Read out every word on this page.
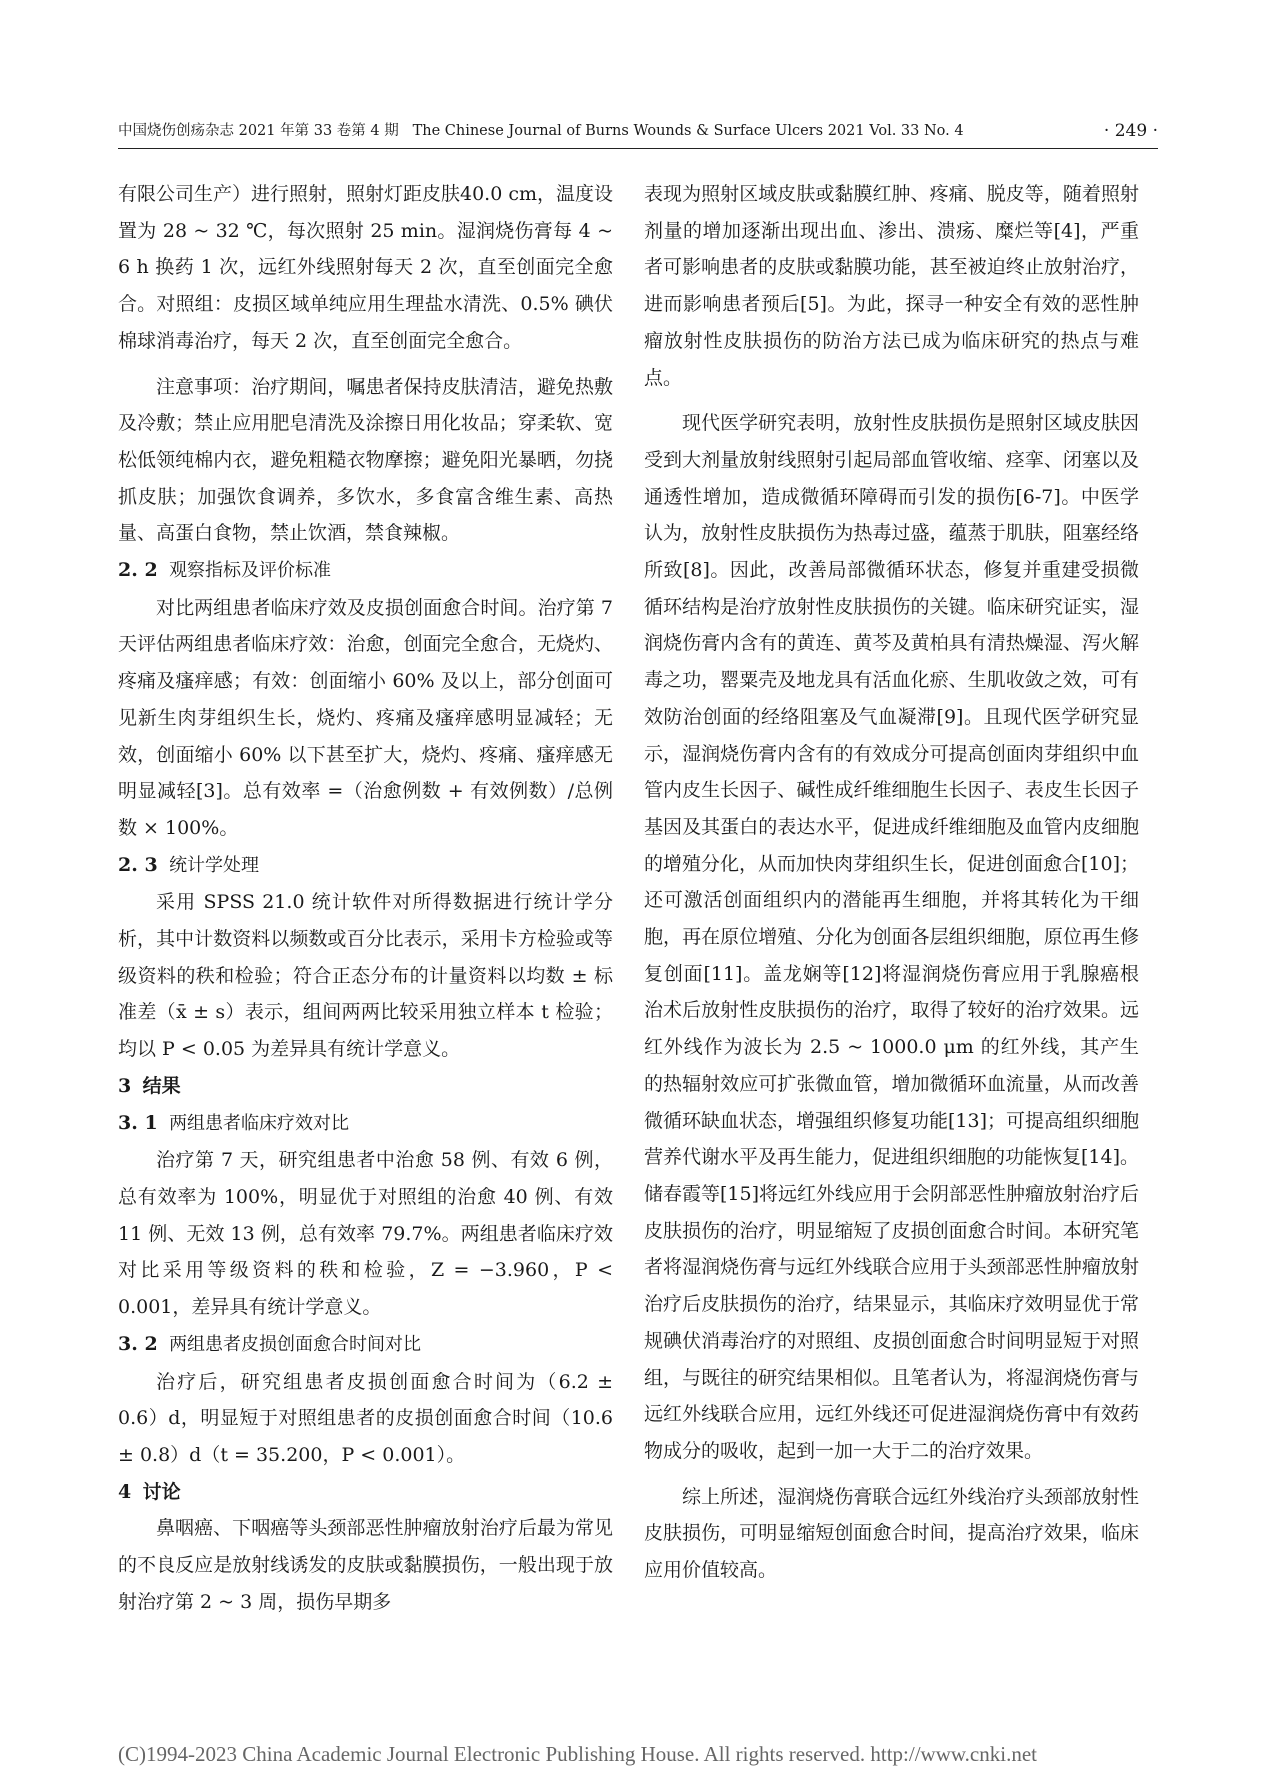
中国烧伤创疡杂志 2021 年第 33 卷第 4 期 The Chinese Journal of Burns Wounds & Surface Ulcers 2021 Vol. 33 No. 4	· 249 ·

有限公司生产）进行照射，照射灯距皮肤40.0 cm，温度设置为 28 ~ 32 ℃，每次照射 25 min。湿润烧伤膏每 4 ~ 6 h 换药 1 次，远红外线照射每天 2 次，直至创面完全愈合。对照组：皮损区域单纯应用生理盐水清洗、0.5% 碘伏棉球消毒治疗，每天 2 次，直至创面完全愈合。

注意事项：治疗期间，嘱患者保持皮肤清洁，避免热敷及冷敷；禁止应用肥皂清洗及涂擦日用化妆品；穿柔软、宽松低领纯棉内衣，避免粗糙衣物摩擦；避免阳光暴晒，勿挠抓皮肤；加强饮食调养，多饮水，多食富含维生素、高热量、高蛋白食物，禁止饮酒，禁食辣椒。

2. 2 观察指标及评价标准

对比两组患者临床疗效及皮损创面愈合时间。治疗第 7 天评估两组患者临床疗效：治愈，创面完全愈合，无烧灼、疼痛及瘙痒感；有效：创面缩小 60% 及以上，部分创面可见新生肉芽组织生长，烧灼、疼痛及瘙痒感明显减轻；无效，创面缩小 60% 以下甚至扩大，烧灼、疼痛、瘙痒感无明显减轻[3]。总有效率 =（治愈例数 + 有效例数）/总例数 × 100%。

2. 3 统计学处理

采用 SPSS 21.0 统计软件对所得数据进行统计学分析，其中计数资料以频数或百分比表示，采用卡方检验或等级资料的秩和检验；符合正态分布的计量资料以均数 ± 标准差（x̄ ± s）表示，组间两两比较采用独立样本 t 检验；均以 P < 0.05 为差异具有统计学意义。

3 结果

3. 1 两组患者临床疗效对比

治疗第 7 天，研究组患者中治愈 58 例、有效 6 例，总有效率为 100%，明显优于对照组的治愈 40 例、有效 11 例、无效 13 例，总有效率 79.7%。两组患者临床疗效对比采用等级资料的秩和检验，Z = −3.960，P < 0.001，差异具有统计学意义。

3. 2 两组患者皮损创面愈合时间对比

治疗后，研究组患者皮损创面愈合时间为（6.2 ± 0.6）d，明显短于对照组患者的皮损创面愈合时间（10.6 ± 0.8）d（t = 35.200，P < 0.001）。

4 讨论

鼻咽癌、下咽癌等头颈部恶性肿瘤放射治疗后最为常见的不良反应是放射线诱发的皮肤或黏膜损伤，一般出现于放射治疗第 2 ~ 3 周，损伤早期多

表现为照射区域皮肤或黏膜红肿、疼痛、脱皮等，随着照射剂量的增加逐渐出现出血、渗出、溃疡、糜烂等[4]，严重者可影响患者的皮肤或黏膜功能，甚至被迫终止放射治疗，进而影响患者预后[5]。为此，探寻一种安全有效的恶性肿瘤放射性皮肤损伤的防治方法已成为临床研究的热点与难点。

现代医学研究表明，放射性皮肤损伤是照射区域皮肤因受到大剂量放射线照射引起局部血管收缩、痉挛、闭塞以及通透性增加，造成微循环障碍而引发的损伤[6-7]。中医学认为，放射性皮肤损伤为热毒过盛，蕴蒸于肌肤，阻塞经络所致[8]。因此，改善局部微循环状态，修复并重建受损微循环结构是治疗放射性皮肤损伤的关键。临床研究证实，湿润烧伤膏内含有的黄连、黄芩及黄柏具有清热燥湿、泻火解毒之功，罂粟壳及地龙具有活血化瘀、生肌收敛之效，可有效防治创面的经络阻塞及气血凝滞[9]。且现代医学研究显示，湿润烧伤膏内含有的有效成分可提高创面肉芽组织中血管内皮生长因子、碱性成纤维细胞生长因子、表皮生长因子基因及其蛋白的表达水平，促进成纤维细胞及血管内皮细胞的增殖分化，从而加快肉芽组织生长，促进创面愈合[10]；还可激活创面组织内的潜能再生细胞，并将其转化为干细胞，再在原位增殖、分化为创面各层组织细胞，原位再生修复创面[11]。盖龙娴等[12]将湿润烧伤膏应用于乳腺癌根治术后放射性皮肤损伤的治疗，取得了较好的治疗效果。远红外线作为波长为 2.5 ~ 1000.0 μm 的红外线，其产生的热辐射效应可扩张微血管，增加微循环血流量，从而改善微循环缺血状态，增强组织修复功能[13]；可提高组织细胞营养代谢水平及再生能力，促进组织细胞的功能恢复[14]。储春霞等[15]将远红外线应用于会阴部恶性肿瘤放射治疗后皮肤损伤的治疗，明显缩短了皮损创面愈合时间。本研究笔者将湿润烧伤膏与远红外线联合应用于头颈部恶性肿瘤放射治疗后皮肤损伤的治疗，结果显示，其临床疗效明显优于常规碘伏消毒治疗的对照组、皮损创面愈合时间明显短于对照组，与既往的研究结果相似。且笔者认为，将湿润烧伤膏与远红外线联合应用，远红外线还可促进湿润烧伤膏中有效药物成分的吸收，起到一加一大于二的治疗效果。

综上所述，湿润烧伤膏联合远红外线治疗头颈部放射性皮肤损伤，可明显缩短创面愈合时间，提高治疗效果，临床应用价值较高。

(C)1994-2023 China Academic Journal Electronic Publishing House. All rights reserved. http://www.cnki.net
